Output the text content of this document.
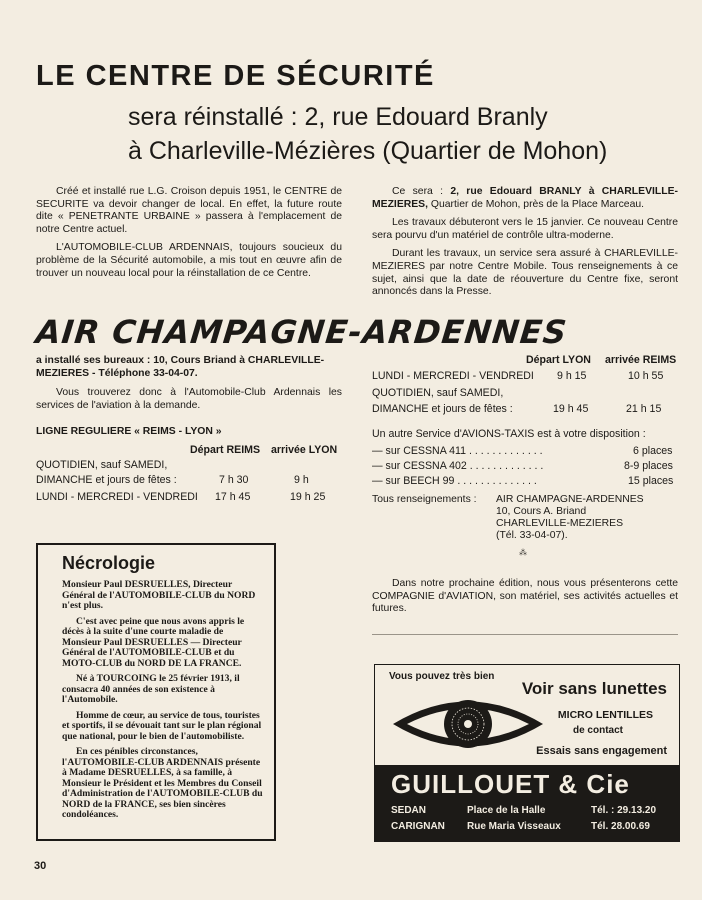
LE CENTRE DE SÉCURITÉ
sera réinstallé : 2, rue Edouard Branly
à Charleville-Mézières (Quartier de Mohon)

Créé et installé rue L.G. Croison depuis 1951, le CENTRE de SECURITE va devoir changer de local. En effet, la future route dite « PENETRANTE URBAINE » passera à l'emplacement de notre Centre actuel.

L'AUTOMOBILE-CLUB ARDENNAIS, toujours soucieux du problème de la Sécurité automobile, a mis tout en œuvre afin de trouver un nouveau local pour la réinstallation de ce Centre.

Ce sera : 2, rue Edouard BRANLY à CHARLEVILLE-MEZIERES, Quartier de Mohon, près de la Place Marceau.

Les travaux débuteront vers le 15 janvier. Ce nouveau Centre sera pourvu d'un matériel de contrôle ultra-moderne.

Durant les travaux, un service sera assuré à CHARLEVILLE-MEZIERES par notre Centre Mobile. Tous renseignements à ce sujet, ainsi que la date de réouverture du Centre fixe, seront annoncés dans la Presse.

AIR CHAMPAGNE-ARDENNES
a installé ses bureaux : 10, Cours Briand à CHARLEVILLE-
MEZIERES - Téléphone 33-04-07.

Vous trouverez donc à l'Automobile-Club Ardennais les services de l'aviation à la demande.

LIGNE REGULIERE « REIMS - LYON »
Départ REIMS arrivée LYON
QUOTIDIEN, sauf SAMEDI,
DIMANCHE et jours de fêtes :	7 h 30	9 h
LUNDI - MERCREDI - VENDREDI 17 h 45	19 h 25
Départ LYON arrivée REIMS
LUNDI - MERCREDI - VENDREDI 9 h 15	10 h 55
QUOTIDIEN, sauf SAMEDI,
DIMANCHE et jours de fêtes :	19 h 45	21 h 15
Un autre Service d'AVIONS-TAXIS est à votre disposition :
— sur CESSNA 411 . . . . . . . . . . . . .	6 places
— sur CESSNA 402 . . . . . . . . . . . . .	8-9 places
— sur BEECH 99 . . . . . . . . . . . . . .	15 places
Tous renseignements : AIR CHAMPAGNE-ARDENNES
10, Cours A. Briand
CHARLEVILLE-MEZIERES
(Tél. 33-04-07).
⁂

Dans notre prochaine édition, nous vous présenterons cette COMPAGNIE d'AVIATION, son matériel, ses activités actuelles et futures.

Nécrologie

Monsieur Paul DESRUELLES, Directeur Général de l'AUTOMOBILE-CLUB du NORD n'est plus.

C'est avec peine que nous avons appris le décès à la suite d'une courte maladie de Monsieur Paul DESRUELLES — Directeur Général de l'AUTOMOBILE-CLUB et du MOTO-CLUB du NORD DE LA FRANCE.

Né à TOURCOING le 25 février 1913, il consacra 40 années de son existence à l'Automobile.

Homme de cœur, au service de tous, touristes et sportifs, il se dévouait tant sur le plan régional que national, pour le bien de l'automobiliste.

En ces pénibles circonstances, l'AUTOMOBILE-CLUB ARDENNAIS présente à Madame DESRUELLES, à sa famille, à Monsieur le Président et les Membres du Conseil d'Administration de l'AUTOMOBILE-CLUB du NORD de la FRANCE, ses bien sincères condoléances.

Vous pouvez très bien
Voir sans lunettes
MICRO LENTILLES
de contact
Essais sans engagement
GUILLOUET & Cie
SEDAN	Place de la Halle	Tél. : 29.13.20
CARIGNAN Rue Maria Visseaux	Tél. 28.00.69
30
